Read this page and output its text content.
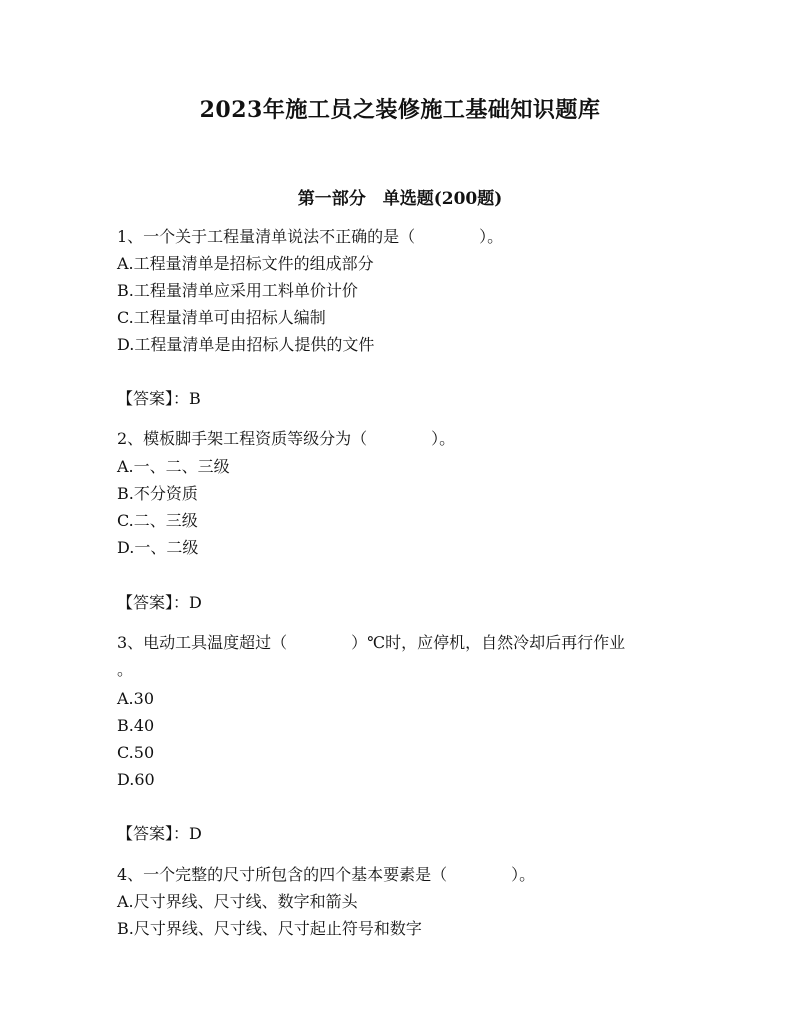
2023年施工员之装修施工基础知识题库
第一部分　单选题(200题)
1、一个关于工程量清单说法不正确的是（　　　　）。
A.工程量清单是招标文件的组成部分
B.工程量清单应采用工料单价计价
C.工程量清单可由招标人编制
D.工程量清单是由招标人提供的文件
【答案】：B
2、模板脚手架工程资质等级分为（　　　　）。
A.一、二、三级
B.不分资质
C.二、三级
D.一、二级
【答案】：D
3、电动工具温度超过（　　　　）℃时，应停机，自然冷却后再行作业
。
A.30
B.40
C.50
D.60
【答案】：D
4、一个完整的尺寸所包含的四个基本要素是（　　　　）。
A.尺寸界线、尺寸线、数字和箭头
B.尺寸界线、尺寸线、尺寸起止符号和数字
